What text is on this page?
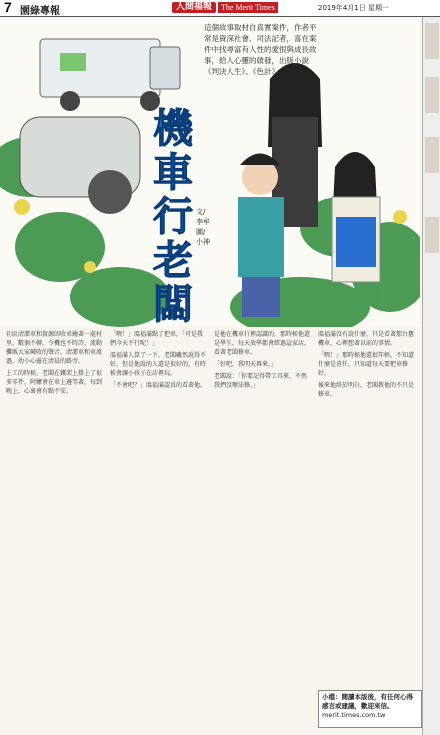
7 園綠專報	人間福報	The Merit Times	2019年4月1日 星期一
機車行老闆
文/李牟 圖/小神
這個故事取材自真實案件，作者平常是資深社會、司法記者，喜在案件中找尋富有人性的愛恨與成長故事，給人心靈的啟發，出版小說《判決人生》、《色計》。

社區清潔車和資源回收車繞著一處村里，數個不轉，令機也不時許，流動攤販大家喊收的聲音，清潔車和車流過，幼小心靈在清晨的路旁。

上工的時候，老闆在鐵架上掛上了很多零件，阿嬤會在車上邊等著，每到晚上，心裏會有點不安。

「喂！」溫福滿點了把車，「可是我們今天不行呢！」

溫福滿人算了一下，老闆雖然說得不好，但是他說的人還是很好的，有時候會讓小孩子在店裡玩。

「不會吧？」溫福滿認真的看著他。

是他在機車行裡認識的，那時候他還是學生，每天放學都會經過這家店，看著老闆修車。

「好吧，我明天再來。」

老闆說：「你要記得帶工具來，不然我們沒辦法修。」

溫福滿沒有說什麼，只是看著那台舊機車，心裡想著以前的事情。

「喂！」那時候他還很年輕，不知道什麼是責任，只知道每天要把車修好。

後來他終於明白，老闆教他的不只是修車。

小檔：閱讀本版後，有任何心得感言或建議，歡迎來信。
merit.times.com.tw
